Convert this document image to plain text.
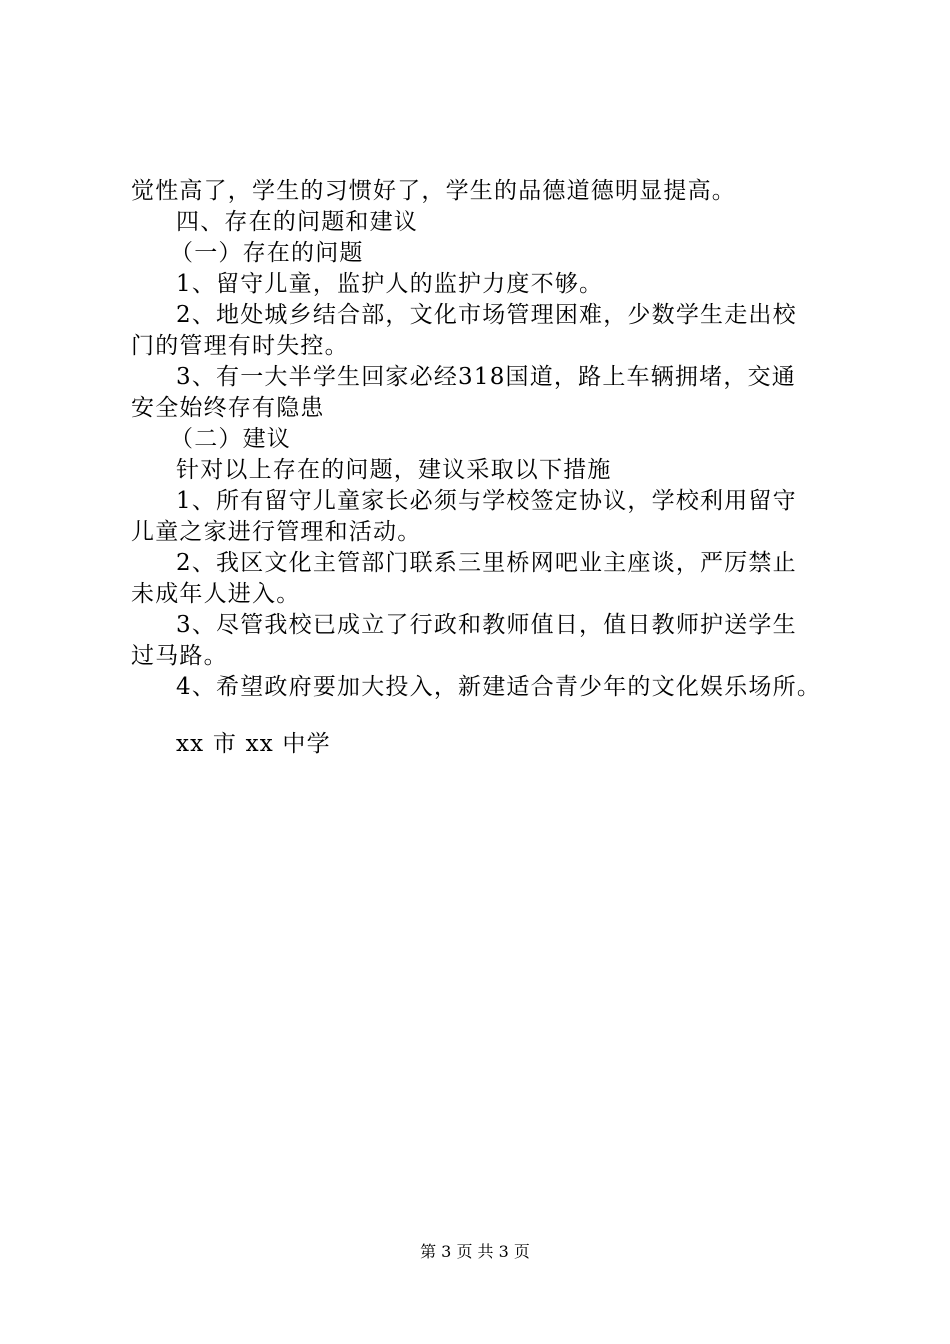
觉性高了，学生的习惯好了，学生的品德道德明显提高。
四、存在的问题和建议
（一）存在的问题
1、留守儿童，监护人的监护力度不够。
2、地处城乡结合部，文化市场管理困难，少数学生走出校
门的管理有时失控。
3、有一大半学生回家必经318国道，路上车辆拥堵，交通
安全始终存有隐患
（二）建议
针对以上存在的问题，建议采取以下措施
1、所有留守儿童家长必须与学校签定协议，学校利用留守
儿童之家进行管理和活动。
2、我区文化主管部门联系三里桥网吧业主座谈，严厉禁止
未成年人进入。
3、尽管我校已成立了行政和教师值日，值日教师护送学生
过马路。
4、希望政府要加大投入，新建适合青少年的文化娱乐场所。
xx 市 xx 中学
第 3 页 共 3 页
